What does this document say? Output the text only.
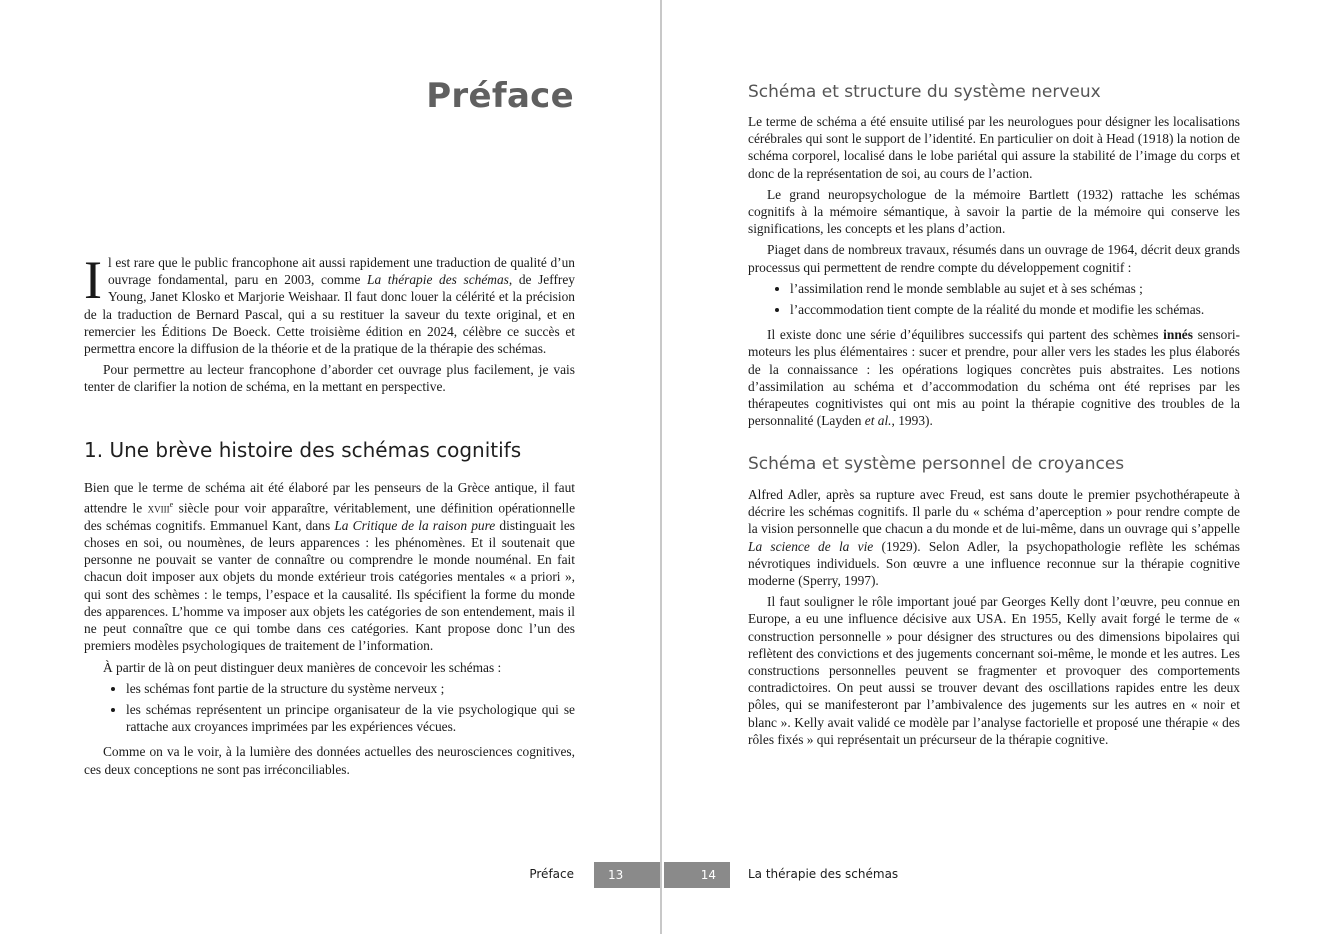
Préface

Il est rare que le public francophone ait aussi rapidement une traduction de qualité d’un ouvrage fondamental, paru en 2003, comme La thérapie des schémas, de Jeffrey Young, Janet Klosko et Marjorie Weishaar. Il faut donc louer la célérité et la précision de la traduction de Bernard Pascal, qui a su restituer la saveur du texte original, et en remercier les Éditions De Boeck. Cette troisième édition en 2024, célèbre ce succès et permettra encore la diffusion de la théorie et de la pratique de la thérapie des schémas.

Pour permettre au lecteur francophone d’aborder cet ouvrage plus facilement, je vais tenter de clarifier la notion de schéma, en la mettant en perspective.

1. Une brève histoire des schémas cognitifs

Bien que le terme de schéma ait été élaboré par les penseurs de la Grèce antique, il faut attendre le xviii$^e$ siècle pour voir apparaître, véritablement, une définition opérationnelle des schémas cognitifs. Emmanuel Kant, dans La Critique de la raison pure distinguait les choses en soi, ou noumènes, de leurs apparences : les phénomènes. Et il soutenait que personne ne pouvait se vanter de connaître ou comprendre le monde nouménal. En fait chacun doit imposer aux objets du monde extérieur trois catégories mentales « a priori », qui sont des schèmes : le temps, l’espace et la causalité. Ils spécifient la forme du monde des apparences. L’homme va imposer aux objets les catégories de son entendement, mais il ne peut connaître que ce qui tombe dans ces catégories. Kant propose donc l’un des premiers modèles psychologiques de traitement de l’information.

À partir de là on peut distinguer deux manières de concevoir les schémas :

• les schémas font partie de la structure du système nerveux ;
• les schémas représentent un principe organisateur de la vie psychologique qui se rattache aux croyances imprimées par les expériences vécues.

Comme on va le voir, à la lumière des données actuelles des neurosciences cognitives, ces deux conceptions ne sont pas irréconciliables.

Préface	13
Schéma et structure du système nerveux

Le terme de schéma a été ensuite utilisé par les neurologues pour désigner les localisations cérébrales qui sont le support de l’identité. En particulier on doit à Head (1918) la notion de schéma corporel, localisé dans le lobe pariétal qui assure la stabilité de l’image du corps et donc de la représentation de soi, au cours de l’action.

Le grand neuropsychologue de la mémoire Bartlett (1932) rattache les schémas cognitifs à la mémoire sémantique, à savoir la partie de la mémoire qui conserve les significations, les concepts et les plans d’action.

Piaget dans de nombreux travaux, résumés dans un ouvrage de 1964, décrit deux grands processus qui permettent de rendre compte du développement cognitif :

• l’assimilation rend le monde semblable au sujet et à ses schémas ;
• l’accommodation tient compte de la réalité du monde et modifie les schémas.

Il existe donc une série d’équilibres successifs qui partent des schèmes innés sensori-moteurs les plus élémentaires : sucer et prendre, pour aller vers les stades les plus élaborés de la connaissance : les opérations logiques concrètes puis abstraites. Les notions d’assimilation au schéma et d’accommodation du schéma ont été reprises par les thérapeutes cognitivistes qui ont mis au point la thérapie cognitive des troubles de la personnalité (Layden et al., 1993).

Schéma et système personnel de croyances

Alfred Adler, après sa rupture avec Freud, est sans doute le premier psychothérapeute à décrire les schémas cognitifs. Il parle du « schéma d’aperception » pour rendre compte de la vision personnelle que chacun a du monde et de lui-même, dans un ouvrage qui s’appelle La science de la vie (1929). Selon Adler, la psychopathologie reflète les schémas névrotiques individuels. Son œuvre a une influence reconnue sur la thérapie cognitive moderne (Sperry, 1997).

Il faut souligner le rôle important joué par Georges Kelly dont l’œuvre, peu connue en Europe, a eu une influence décisive aux USA. En 1955, Kelly avait forgé le terme de « construction personnelle » pour désigner des structures ou des dimensions bipolaires qui reflètent des convictions et des jugements concernant soi-même, le monde et les autres. Les constructions personnelles peuvent se fragmenter et provoquer des comportements contradictoires. On peut aussi se trouver devant des oscillations rapides entre les deux pôles, qui se manifesteront par l’ambivalence des jugements sur les autres en « noir et blanc ». Kelly avait validé ce modèle par l’analyse factorielle et proposé une thérapie « des rôles fixés » qui représentait un précurseur de la thérapie cognitive.

14	La thérapie des schémas
